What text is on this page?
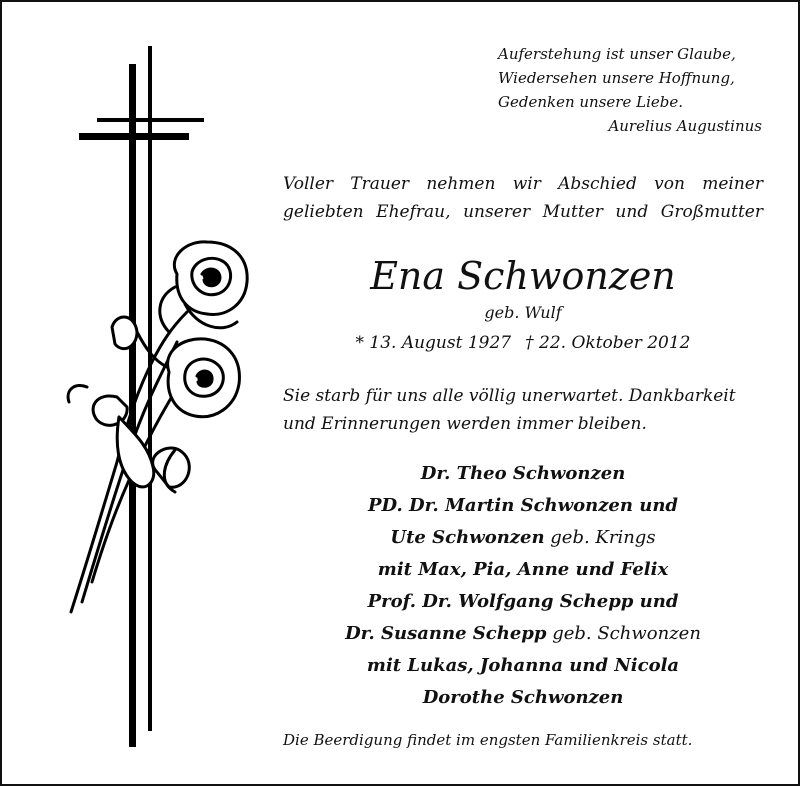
Auferstehung ist unser Glaube,
Wiedersehen unsere Hoffnung,
Gedenken unsere Liebe.
Aurelius Augustinus
Voller Trauer nehmen wir Abschied von meiner
geliebten Ehefrau, unserer Mutter und Großmutter
Ena Schwonzen
geb. Wulf
* 13. August 1927 † 22. Oktober 2012
Sie starb für uns alle völlig unerwartet. Dankbarkeit
und Erinnerungen werden immer bleiben.
Dr. Theo Schwonzen
PD. Dr. Martin Schwonzen und
Ute Schwonzen geb. Krings
mit Max, Pia, Anne und Felix
Prof. Dr. Wolfgang Schepp und
Dr. Susanne Schepp geb. Schwonzen
mit Lukas, Johanna und Nicola
Dorothe Schwonzen
Die Beerdigung findet im engsten Familienkreis statt.
